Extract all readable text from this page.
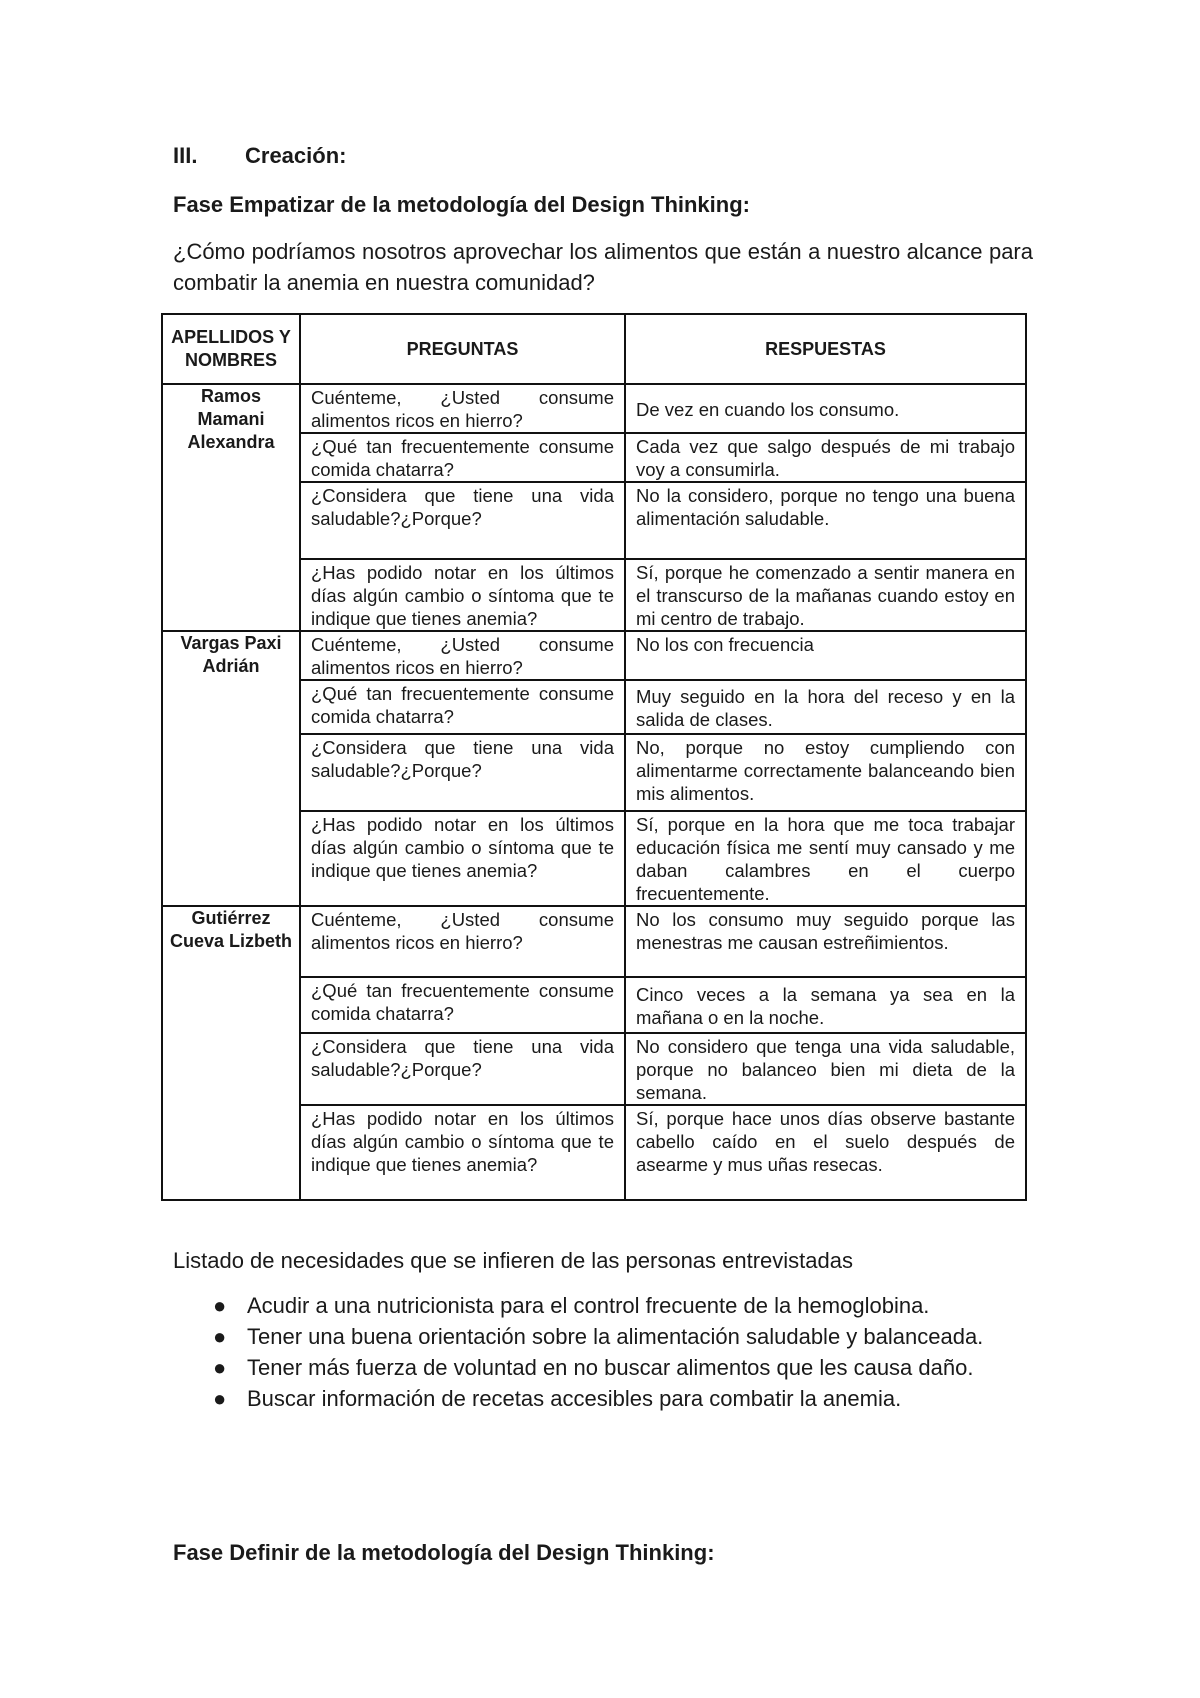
III. Creación:
Fase Empatizar de la metodología del Design Thinking:
¿Cómo podríamos nosotros aprovechar los alimentos que están a nuestro alcance para combatir la anemia en nuestra comunidad?
APELLIDOS Y NOMBRES	PREGUNTAS	RESPUESTAS
Ramos Mamani Alexandra	Cuénteme, ¿Usted consume alimentos ricos en hierro?	De vez en cuando los consumo.
	¿Qué tan frecuentemente consume comida chatarra?	Cada vez que salgo después de mi trabajo voy a consumirla.
	¿Considera que tiene una vida saludable?¿Porque?	No la considero, porque no tengo una buena alimentación saludable.
	¿Has podido notar en los últimos días algún cambio o síntoma que te indique que tienes anemia?	Sí, porque he comenzado a sentir manera en el transcurso de la mañanas cuando estoy en mi centro de trabajo.
Vargas Paxi Adrián	Cuénteme, ¿Usted consume alimentos ricos en hierro?	No los con frecuencia
	¿Qué tan frecuentemente consume comida chatarra?	Muy seguido en la hora del receso y en la salida de clases.
	¿Considera que tiene una vida saludable?¿Porque?	No, porque no estoy cumpliendo con alimentarme correctamente balanceando bien mis alimentos.
	¿Has podido notar en los últimos días algún cambio o síntoma que te indique que tienes anemia?	Sí, porque en la hora que me toca trabajar educación física me sentí muy cansado y me daban calambres en el cuerpo frecuentemente.
Gutiérrez Cueva Lizbeth	Cuénteme, ¿Usted consume alimentos ricos en hierro?	No los consumo muy seguido porque las menestras me causan estreñimientos.
	¿Qué tan frecuentemente consume comida chatarra?	Cinco veces a la semana ya sea en la mañana o en la noche.
	¿Considera que tiene una vida saludable?¿Porque?	No considero que tenga una vida saludable, porque no balanceo bien mi dieta de la semana.
	¿Has podido notar en los últimos días algún cambio o síntoma que te indique que tienes anemia?	Sí, porque hace unos días observe bastante cabello caído en el suelo después de asearme y mus uñas resecas.
Listado de necesidades que se infieren de las personas entrevistadas
● Acudir a una nutricionista para el control frecuente de la hemoglobina.
● Tener una buena orientación sobre la alimentación saludable y balanceada.
● Tener más fuerza de voluntad en no buscar alimentos que les causa daño.
● Buscar información de recetas accesibles para combatir la anemia.
Fase Definir de la metodología del Design Thinking:
